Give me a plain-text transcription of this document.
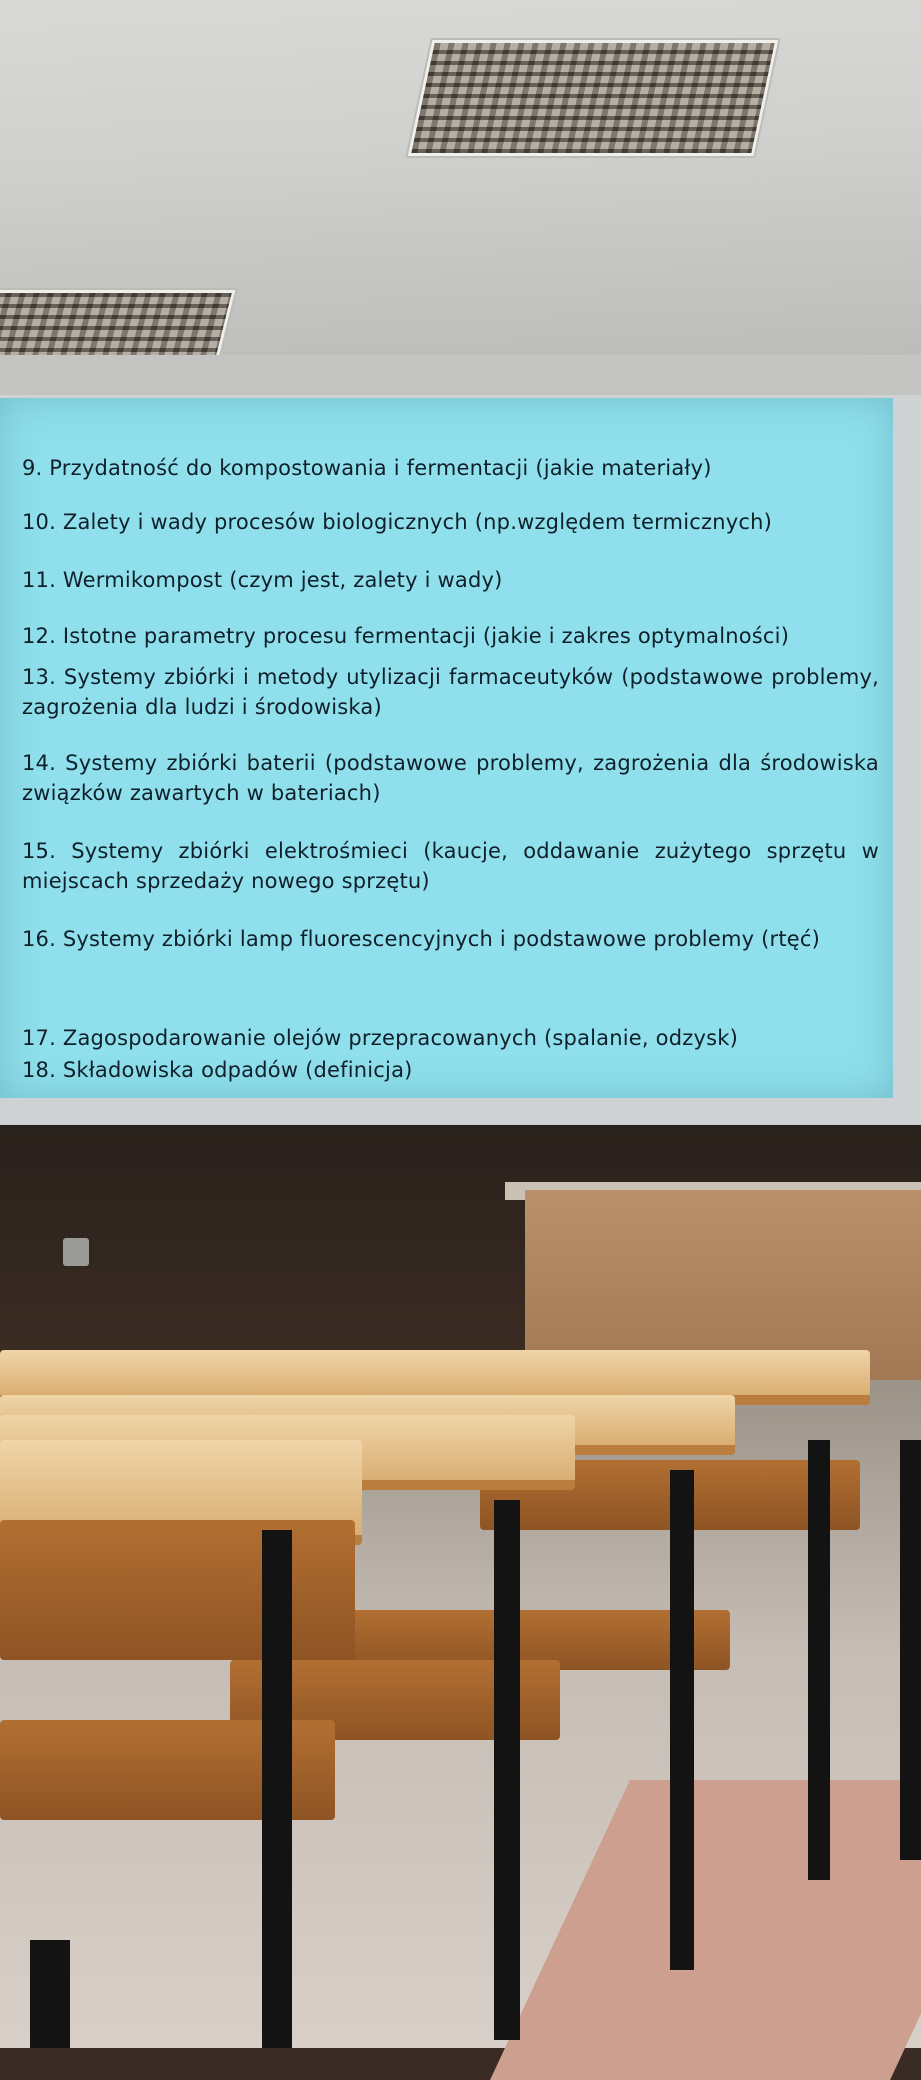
9. Przydatność do kompostowania i fermentacji (jakie materiały)
10. Zalety i wady procesów biologicznych (np.względem termicznych)
11. Wermikompost (czym jest, zalety i wady)
12. Istotne parametry procesu fermentacji (jakie i zakres optymalności)
13. Systemy zbiórki i metody utylizacji farmaceutyków (podstawowe problemy, zagrożenia dla ludzi i środowiska)
14. Systemy zbiórki baterii (podstawowe problemy, zagrożenia dla środowiska związków zawartych w bateriach)
15. Systemy zbiórki elektrośmieci (kaucje, oddawanie zużytego sprzętu w miejscach sprzedaży nowego sprzętu)
16. Systemy zbiórki lamp fluorescencyjnych i podstawowe problemy (rtęć)
17. Zagospodarowanie olejów przepracowanych (spalanie, odzysk)
18. Składowiska odpadów (definicja)
